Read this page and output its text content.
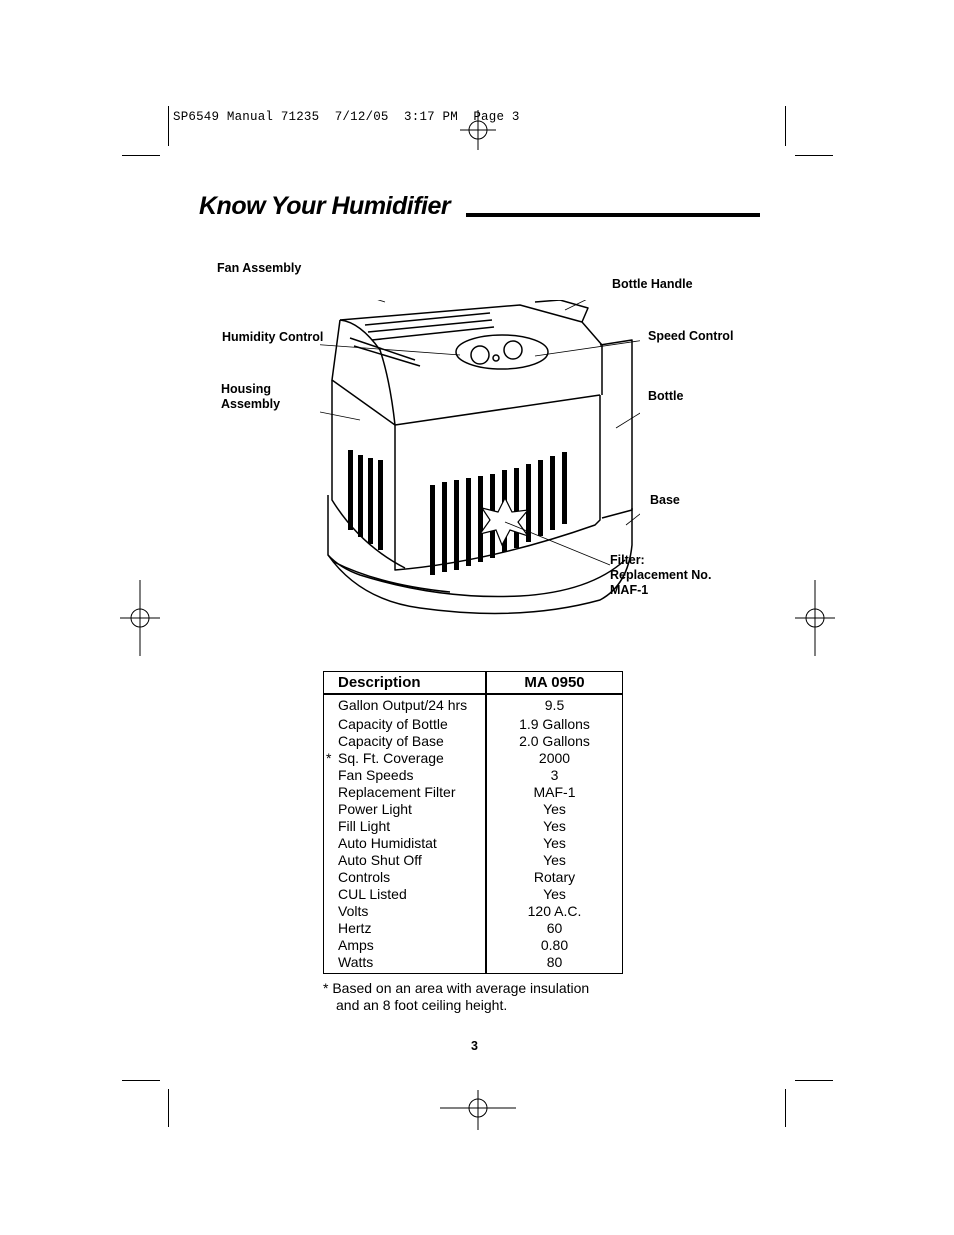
SP6549 Manual 71235  7/12/05  3:17 PM  Page 3
Know Your Humidifier
Fan Assembly
Bottle Handle
Humidity Control	Speed Control
Housing
Assembly
Bottle
Base
Filter:
Replacement No.
MAF-1
Description	MA 0950
Gallon Output/24 hrs	9.5
Capacity of Bottle	1.9 Gallons
Capacity of Base	2.0 Gallons
* Sq. Ft. Coverage	2000
Fan Speeds	3
Replacement Filter	MAF-1
Power Light	Yes
Fill Light	Yes
Auto Humidistat	Yes
Auto Shut Off	Yes
Controls	Rotary
CUL Listed	Yes
Volts	120 A.C.
Hertz	60
Amps	0.80
Watts	80
* Based on an area with average insulation
and an 8 foot ceiling height.
3
